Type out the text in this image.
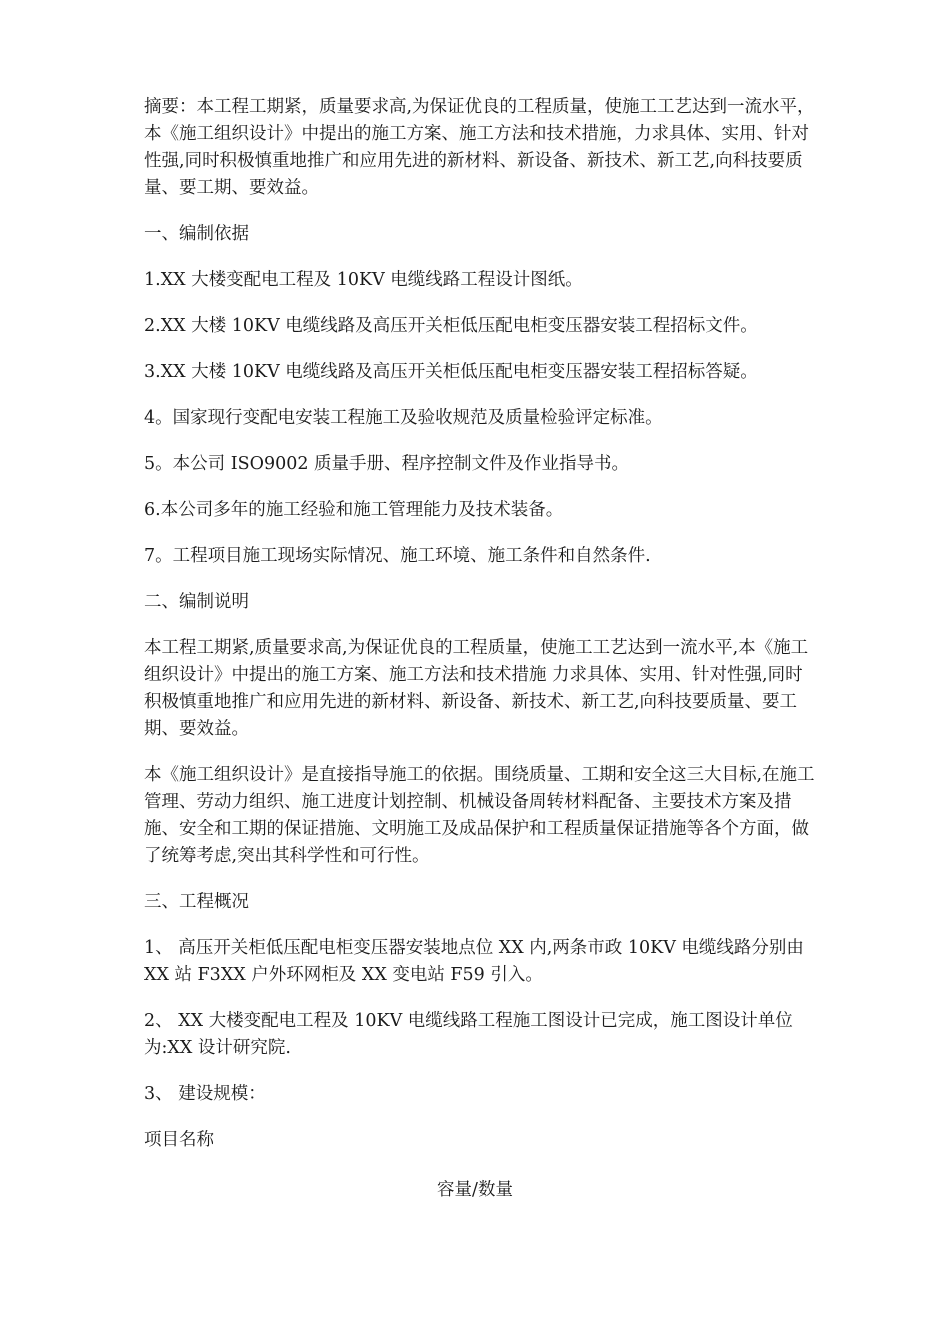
摘要：本工程工期紧，质量要求高,为保证优良的工程质量，使施工工艺达到一流水平，本《施工组织设计》中提出的施工方案、施工方法和技术措施，力求具体、实用、针对性强,同时积极慎重地推广和应用先进的新材料、新设备、新技术、新工艺,向科技要质量、要工期、要效益。

一、编制依据

1.XX 大楼变配电工程及 10KV 电缆线路工程设计图纸。

2.XX 大楼 10KV 电缆线路及高压开关柜低压配电柜变压器安装工程招标文件。

3.XX 大楼 10KV 电缆线路及高压开关柜低压配电柜变压器安装工程招标答疑。

4。国家现行变配电安装工程施工及验收规范及质量检验评定标准。

5。本公司 ISO9002 质量手册、程序控制文件及作业指导书。

6.本公司多年的施工经验和施工管理能力及技术装备。

7。工程项目施工现场实际情况、施工环境、施工条件和自然条件.

二、编制说明

本工程工期紧,质量要求高,为保证优良的工程质量，使施工工艺达到一流水平,本《施工组织设计》中提出的施工方案、施工方法和技术措施 力求具体、实用、针对性强,同时积极慎重地推广和应用先进的新材料、新设备、新技术、新工艺,向科技要质量、要工期、要效益。

本《施工组织设计》是直接指导施工的依据。围绕质量、工期和安全这三大目标,在施工管理、劳动力组织、施工进度计划控制、机械设备周转材料配备、主要技术方案及措施、安全和工期的保证措施、文明施工及成品保护和工程质量保证措施等各个方面，做了统筹考虑,突出其科学性和可行性。

三、工程概况

1、 高压开关柜低压配电柜变压器安装地点位 XX 内,两条市政 10KV 电缆线路分别由 XX 站 F3XX 户外环网柜及 XX 变电站 F59 引入。

2、 XX 大楼变配电工程及 10KV 电缆线路工程施工图设计已完成，施工图设计单位为:XX 设计研究院.

3、 建设规模：

项目名称

容量/数量
